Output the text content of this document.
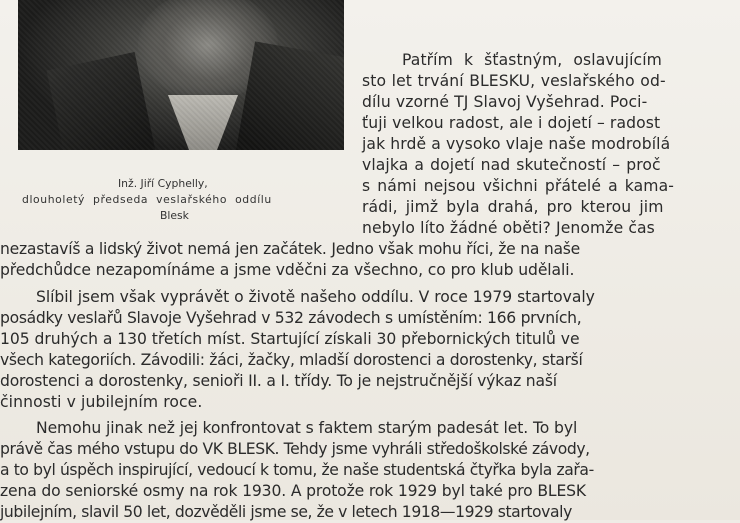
Inž. Jiří Cyphelly,
dlouholetý předseda veslařského oddílu
Blesk
Patřím k šťastným, oslavujícím
sto let trvání BLESKU, veslařského od-
dílu vzorné TJ Slavoj Vyšehrad. Poci-
ťuji velkou radost, ale i dojetí – radost
jak hrdě a vysoko vlaje naše modrobílá
vlajka a dojetí nad skutečností – proč
s námi nejsou všichni přátelé a kama-
rádi, jimž byla drahá, pro kterou jim
nebylo líto žádné oběti? Jenomže čas
nezastavíš a lidský život nemá jen začátek. Jedno však mohu říci, že na naše
předchůdce nezapomínáme a jsme vděčni za všechno, co pro klub udělali.
Slíbil jsem však vyprávět o životě našeho oddílu. V roce 1979 startovaly
posádky veslařů Slavoje Vyšehrad v 532 závodech s umístěním: 166 prvních,
105 druhých a 130 třetích míst. Startující získali 30 přebornických titulů ve
všech kategoriích. Závodili: žáci, žačky, mladší dorostenci a dorostenky, starší
dorostenci a dorostenky, senioři II. a I. třídy. To je nejstručnější výkaz naší
činnosti v jubilejním roce.
Nemohu jinak než jej konfrontovat s faktem starým padesát let. To byl
právě čas mého vstupu do VK BLESK. Tehdy jsme vyhráli středoškolské závody,
a to byl úspěch inspirující, vedoucí k tomu, že naše studentská čtyřka byla zařa-
zena do seniorské osmy na rok 1930. A protože rok 1929 byl také pro BLESK
jubilejním, slavil 50 let, dozvěděli jsme se, že v letech 1918—1929 startovaly
